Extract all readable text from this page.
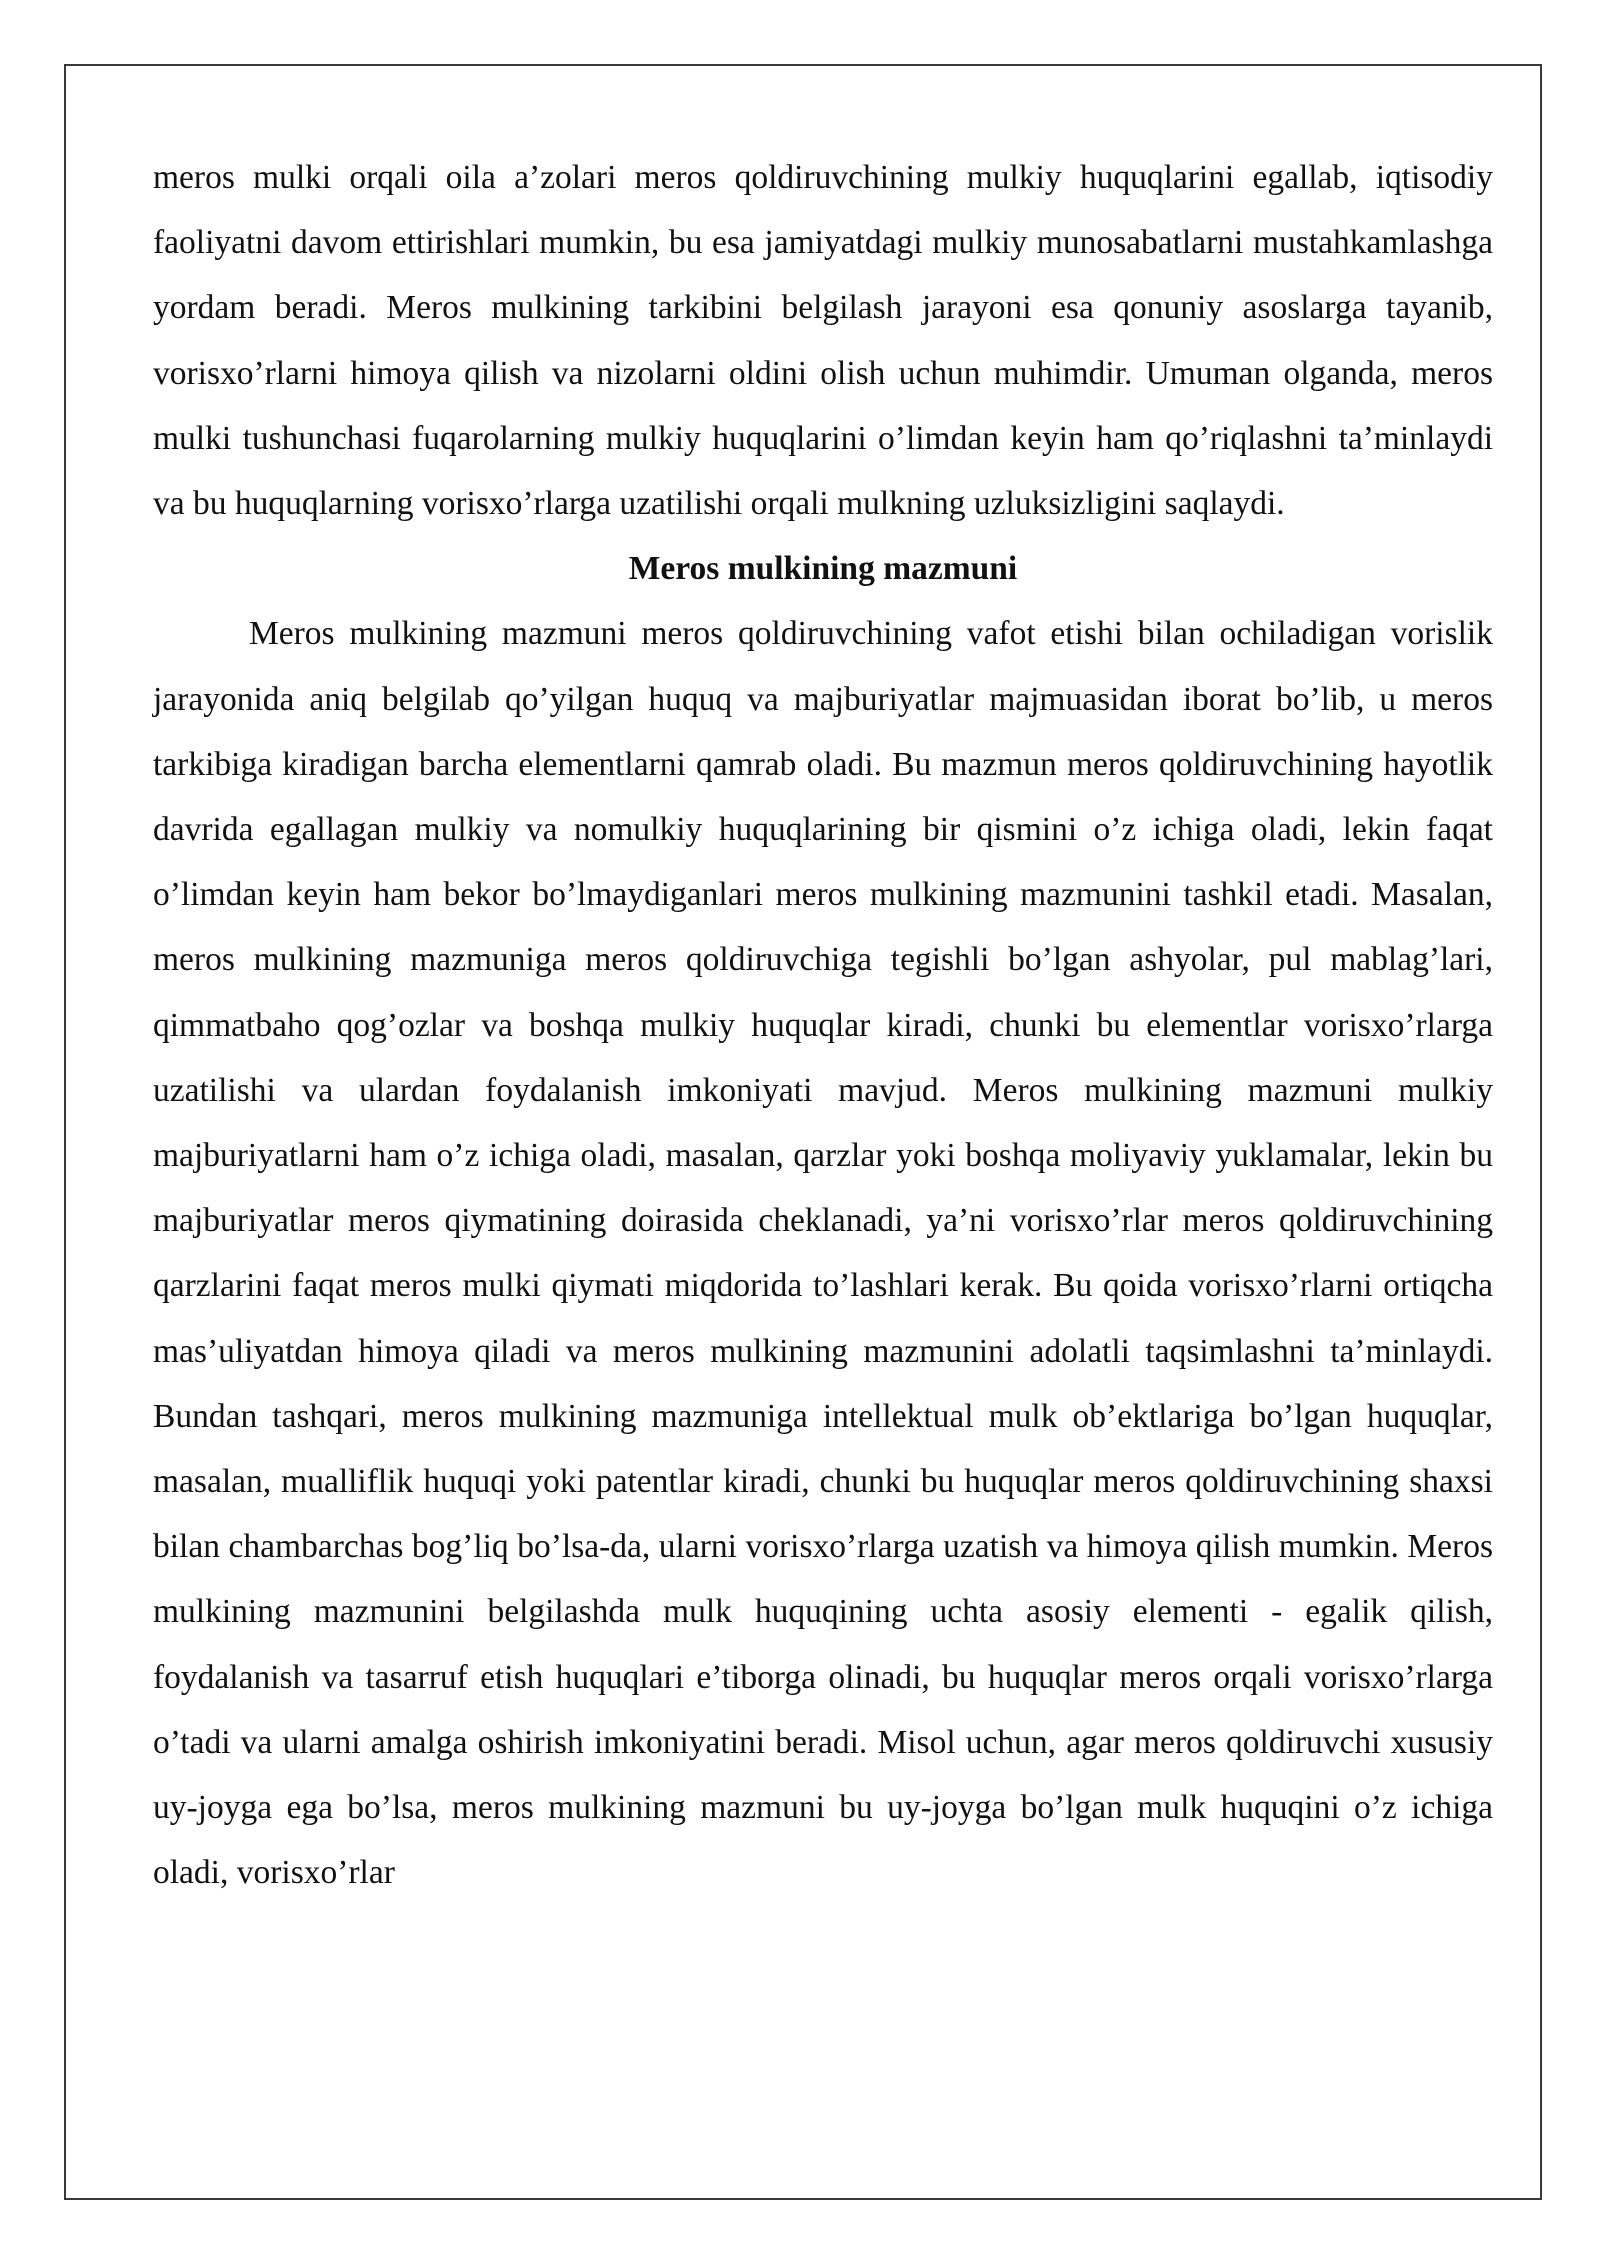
meros mulki orqali oila a’zolari meros qoldiruvchining mulkiy huquqlarini egallab, iqtisodiy faoliyatni davom ettirishlari mumkin, bu esa jamiyatdagi mulkiy munosabatlarni mustahkamlashga yordam beradi. Meros mulkining tarkibini belgilash jarayoni esa qonuniy asoslarga tayanib, vorisxo’rlarni himoya qilish va nizolarni oldini olish uchun muhimdir. Umuman olganda, meros mulki tushunchasi fuqarolarning mulkiy huquqlarini o’limdan keyin ham qo’riqlashni ta’minlaydi va bu huquqlarning vorisxo’rlarga uzatilishi orqali mulkning uzluksizligini saqlaydi.

Meros mulkining mazmuni

Meros mulkining mazmuni meros qoldiruvchining vafot etishi bilan ochiladigan vorislik jarayonida aniq belgilab qo’yilgan huquq va majburiyatlar majmuasidan iborat bo’lib, u meros tarkibiga kiradigan barcha elementlarni qamrab oladi. Bu mazmun meros qoldiruvchining hayotlik davrida egallagan mulkiy va nomulkiy huquqlarining bir qismini o’z ichiga oladi, lekin faqat o’limdan keyin ham bekor bo’lmaydiganlari meros mulkining mazmunini tashkil etadi. Masalan, meros mulkining mazmuniga meros qoldiruvchiga tegishli bo’lgan ashyolar, pul mablag’lari, qimmatbaho qog’ozlar va boshqa mulkiy huquqlar kiradi, chunki bu elementlar vorisxo’rlarga uzatilishi va ulardan foydalanish imkoniyati mavjud. Meros mulkining mazmuni mulkiy majburiyatlarni ham o’z ichiga oladi, masalan, qarzlar yoki boshqa moliyaviy yuklamalar, lekin bu majburiyatlar meros qiymatining doirasida cheklanadi, ya’ni vorisxo’rlar meros qoldiruvchining qarzlarini faqat meros mulki qiymati miqdorida to’lashlari kerak. Bu qoida vorisxo’rlarni ortiqcha mas’uliyatdan himoya qiladi va meros mulkining mazmunini adolatli taqsimlashni ta’minlaydi. Bundan tashqari, meros mulkining mazmuniga intellektual mulk ob’ektlariga bo’lgan huquqlar, masalan, mualliflik huquqi yoki patentlar kiradi, chunki bu huquqlar meros qoldiruvchining shaxsi bilan chambarchas bog’liq bo’lsa-da, ularni vorisxo’rlarga uzatish va himoya qilish mumkin. Meros mulkining mazmunini belgilashda mulk huquqining uchta asosiy elementi - egalik qilish, foydalanish va tasarruf etish huquqlari e’tiborga olinadi, bu huquqlar meros orqali vorisxo’rlarga o’tadi va ularni amalga oshirish imkoniyatini beradi. Misol uchun, agar meros qoldiruvchi xususiy uy-joyga ega bo’lsa, meros mulkining mazmuni bu uy-joyga bo’lgan mulk huquqini o’z ichiga oladi, vorisxo’rlar
